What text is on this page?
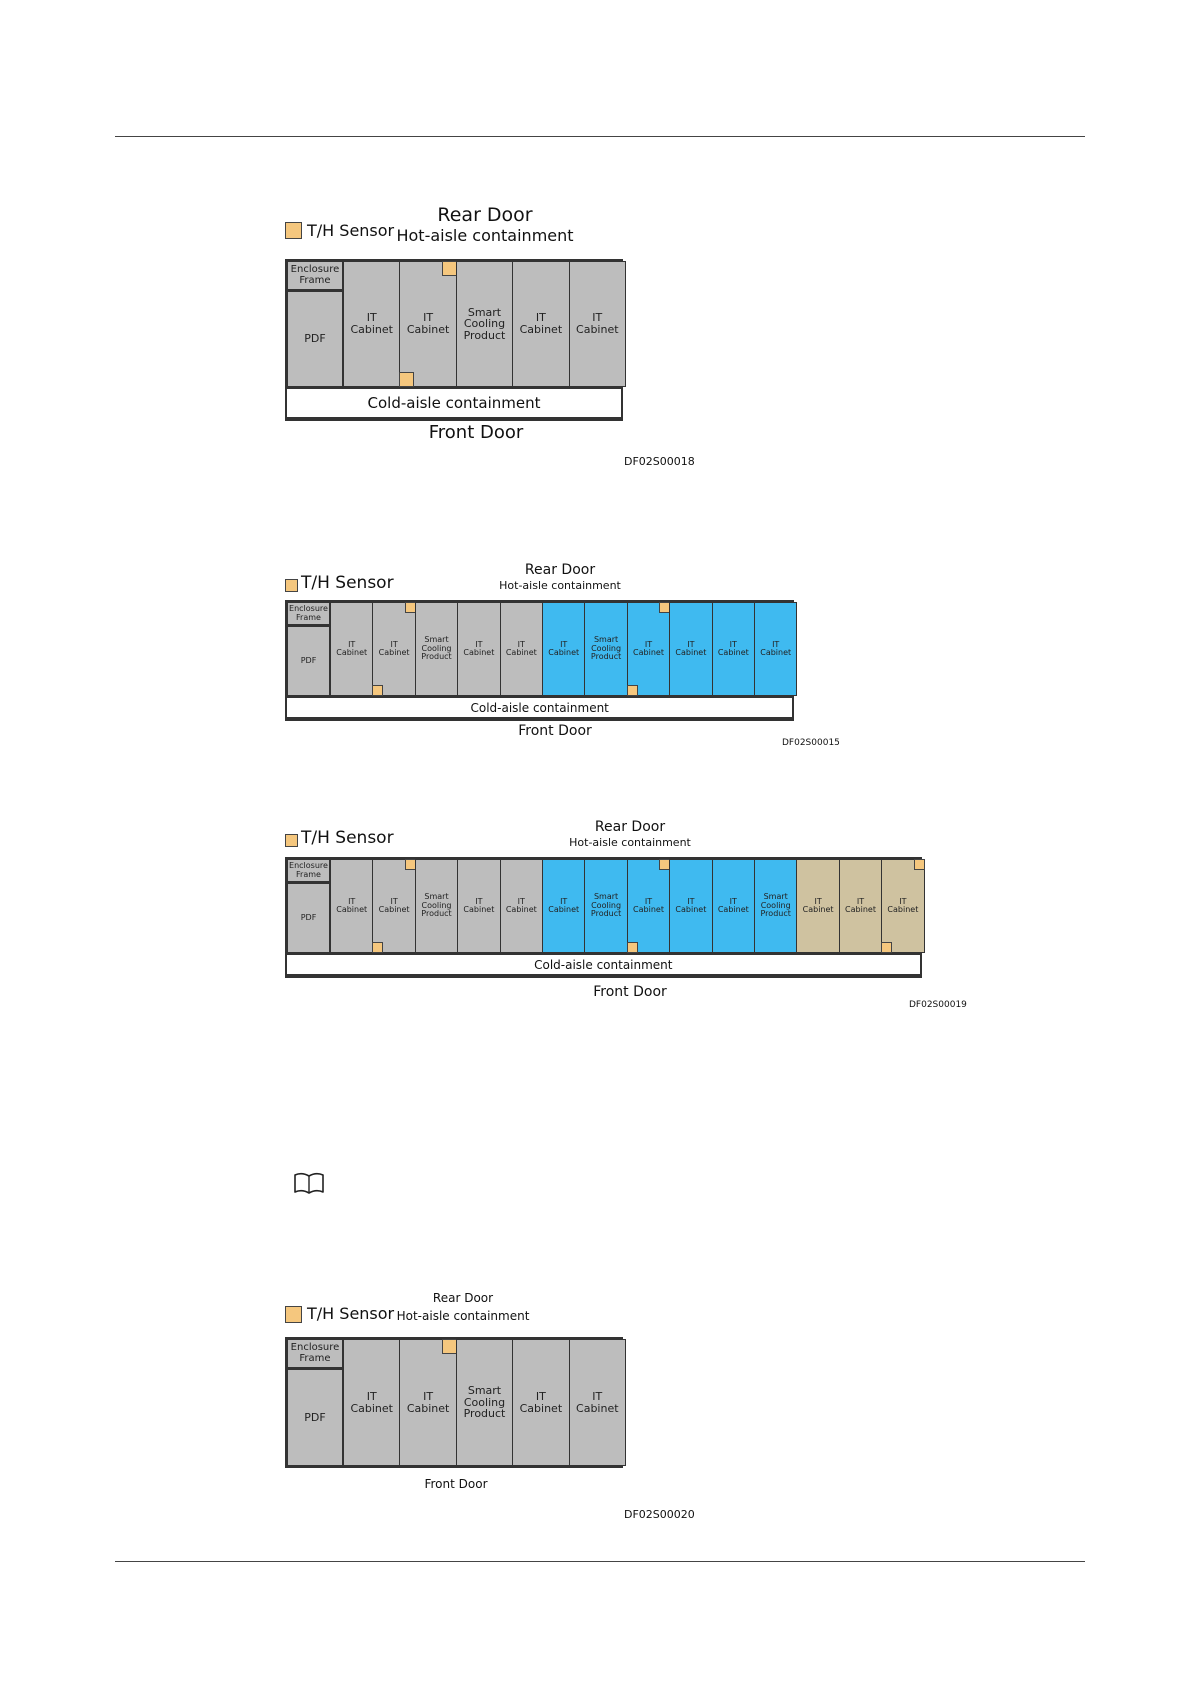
T/H Sensor
Rear Door
Hot-aisle containment
Enclosure
Frame
PDF
IT
Cabinet
IT
Cabinet
Smart
Cooling
Product
IT
Cabinet
IT
Cabinet
Cold-aisle containment
Front Door
DF02S00018
T/H Sensor
Rear Door
Hot-aisle containment
Enclosure
Frame
PDF
IT
Cabinet
IT
Cabinet
Smart
Cooling
Product
IT
Cabinet
IT
Cabinet
IT
Cabinet
Smart
Cooling
Product
IT
Cabinet
IT
Cabinet
IT
Cabinet
IT
Cabinet
Cold-aisle containment
Front Door
DF02S00015
T/H Sensor
Rear Door
Hot-aisle containment
Enclosure
Frame
PDF
IT
Cabinet
IT
Cabinet
Smart
Cooling
Product
IT
Cabinet
IT
Cabinet
IT
Cabinet
Smart
Cooling
Product
IT
Cabinet
IT
Cabinet
IT
Cabinet
Smart
Cooling
Product
IT
Cabinet
IT
Cabinet
IT
Cabinet
Cold-aisle containment
Front Door
DF02S00019
T/H Sensor
Rear Door
Hot-aisle containment
Enclosure
Frame
PDF
IT
Cabinet
IT
Cabinet
Smart
Cooling
Product
IT
Cabinet
IT
Cabinet
Front Door
DF02S00020
